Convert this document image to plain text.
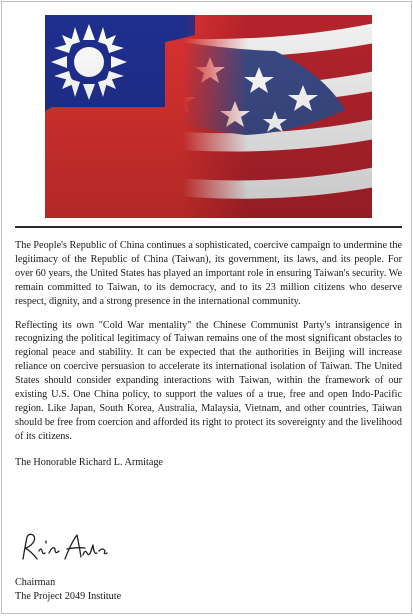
The People's Republic of China continues a sophisticated, coercive campaign to undermine the legitimacy of the Republic of China (Taiwan), its government, its laws, and its people. For over 60 years, the United States has played an important role in ensuring Taiwan's security. We remain committed to Taiwan, to its democracy, and to its 23 million citizens who deserve respect, dignity, and a strong presence in the international community.

Reflecting its own "Cold War mentality" the Chinese Communist Party's intransigence in recognizing the political legitimacy of Taiwan remains one of the most significant obstacles to regional peace and stability. It can be expected that the authorities in Beijing will increase reliance on coercive persuasion to accelerate its international isolation of Taiwan. The United States should consider expanding interactions with Taiwan, within the framework of our existing U.S. One China policy, to support the values of a true, free and open Indo-Pacific region. Like Japan, South Korea, Australia, Malaysia, Vietnam, and other countries, Taiwan should be free from coercion and afforded its right to protect its sovereignty and the livelihood of its citizens.

The Honorable Richard L. Armitage

Chairman
The Project 2049 Institute
